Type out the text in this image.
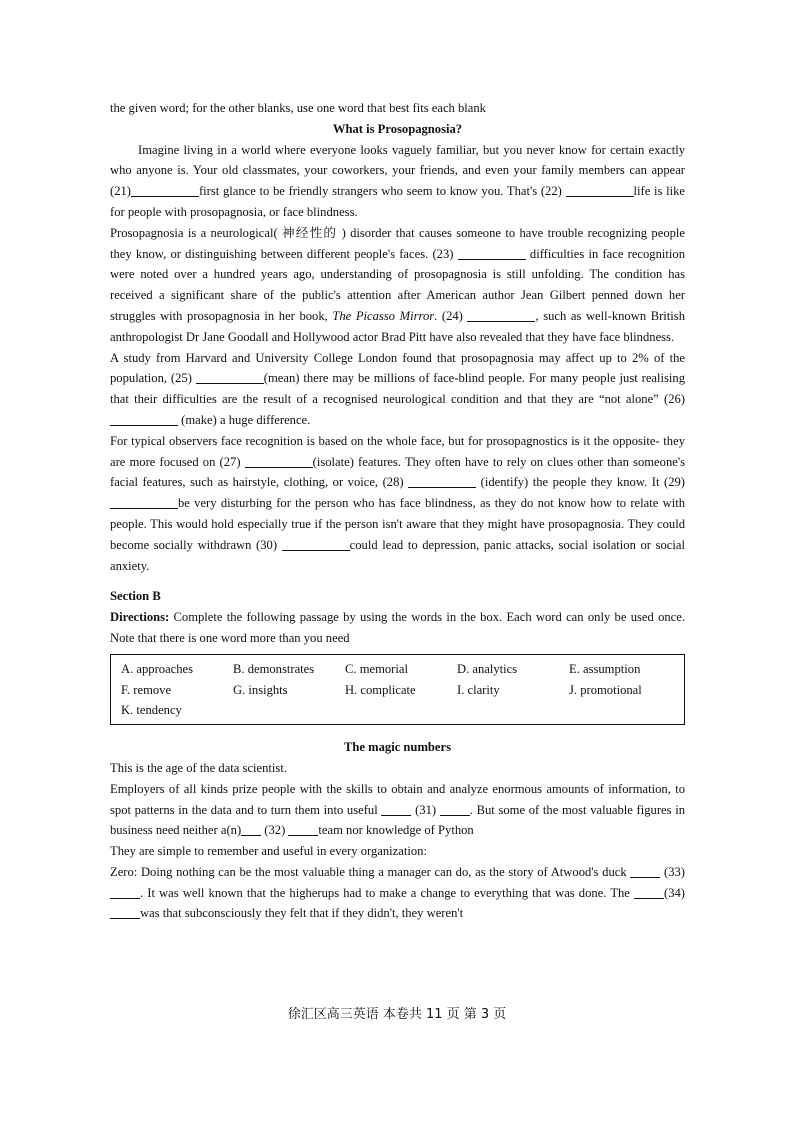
the given word; for the other blanks, use one word that best fits each blank

What is Prosopagnosia?

Imagine living in a world where everyone looks vaguely familiar, but you never know for certain exactly who anyone is. Your old classmates, your coworkers, your friends, and even your family members can appear (21)	first glance to be friendly strangers who seem to know you. That's (22)	life is like for people with prosopagnosia, or face blindness.

Prosopagnosia is a neurological( 神经性的 ) disorder that causes someone to have trouble recognizing people they know, or distinguishing between different people's faces. (23)	difficulties in face recognition were noted over a hundred years ago, understanding of prosopagnosia is still unfolding. The condition has received a significant share of the public's attention after American author Jean Gilbert penned down her struggles with prosopagnosia in her book, The Picasso Mirror. (24)	, such as well-known British anthropologist Dr Jane Goodall and Hollywood actor Brad Pitt have also revealed that they have face blindness.

A study from Harvard and University College London found that prosopagnosia may affect up to 2% of the population, (25)	(mean) there may be millions of face-blind people. For many people just realising that their difficulties are the result of a recognised neurological condition and that they are “not alone” (26)  (make) a huge difference.

For typical observers face recognition is based on the whole face, but for prosopagnostics is it the opposite- they are more focused on (27)	(isolate) features. They often have to rely on clues other than someone's facial features, such as hairstyle, clothing, or voice, (28)	(identify) the people they know. It (29) be very disturbing for the person who has face blindness, as they do not know how to relate with people. This would hold especially true if the person isn't aware that they might have prosopagnosia. They could become socially withdrawn (30)	could lead to depression, panic attacks, social isolation or social anxiety.

Section B

Directions: Complete the following passage by using the words in the box. Each word can only be used once. Note that there is one word more than you need

A. approaches	B. demonstrates	C. memorial	D. analytics	E. assumption
F. remove	G. insights	H. complicate	I. clarity	J. promotional
K. tendency
The magic numbers

This is the age of the data scientist.

Employers of all kinds prize people with the skills to obtain and analyze enormous amounts of information, to spot patterns in the data and to turn them into useful  (31) . But some of the most valuable figures in business need neither a(n) (32) team nor knowledge of Python

They are simple to remember and useful in every organization:

Zero: Doing nothing can be the most valuable thing a manager can do, as the story of Atwood's duck  (33) . It was well known that the higherups had to make a change to everything that was done. The (34) was that subconsciously they felt that if they didn't, they weren't

徐汇区高三英语 本卷共 11 页 第 3 页
